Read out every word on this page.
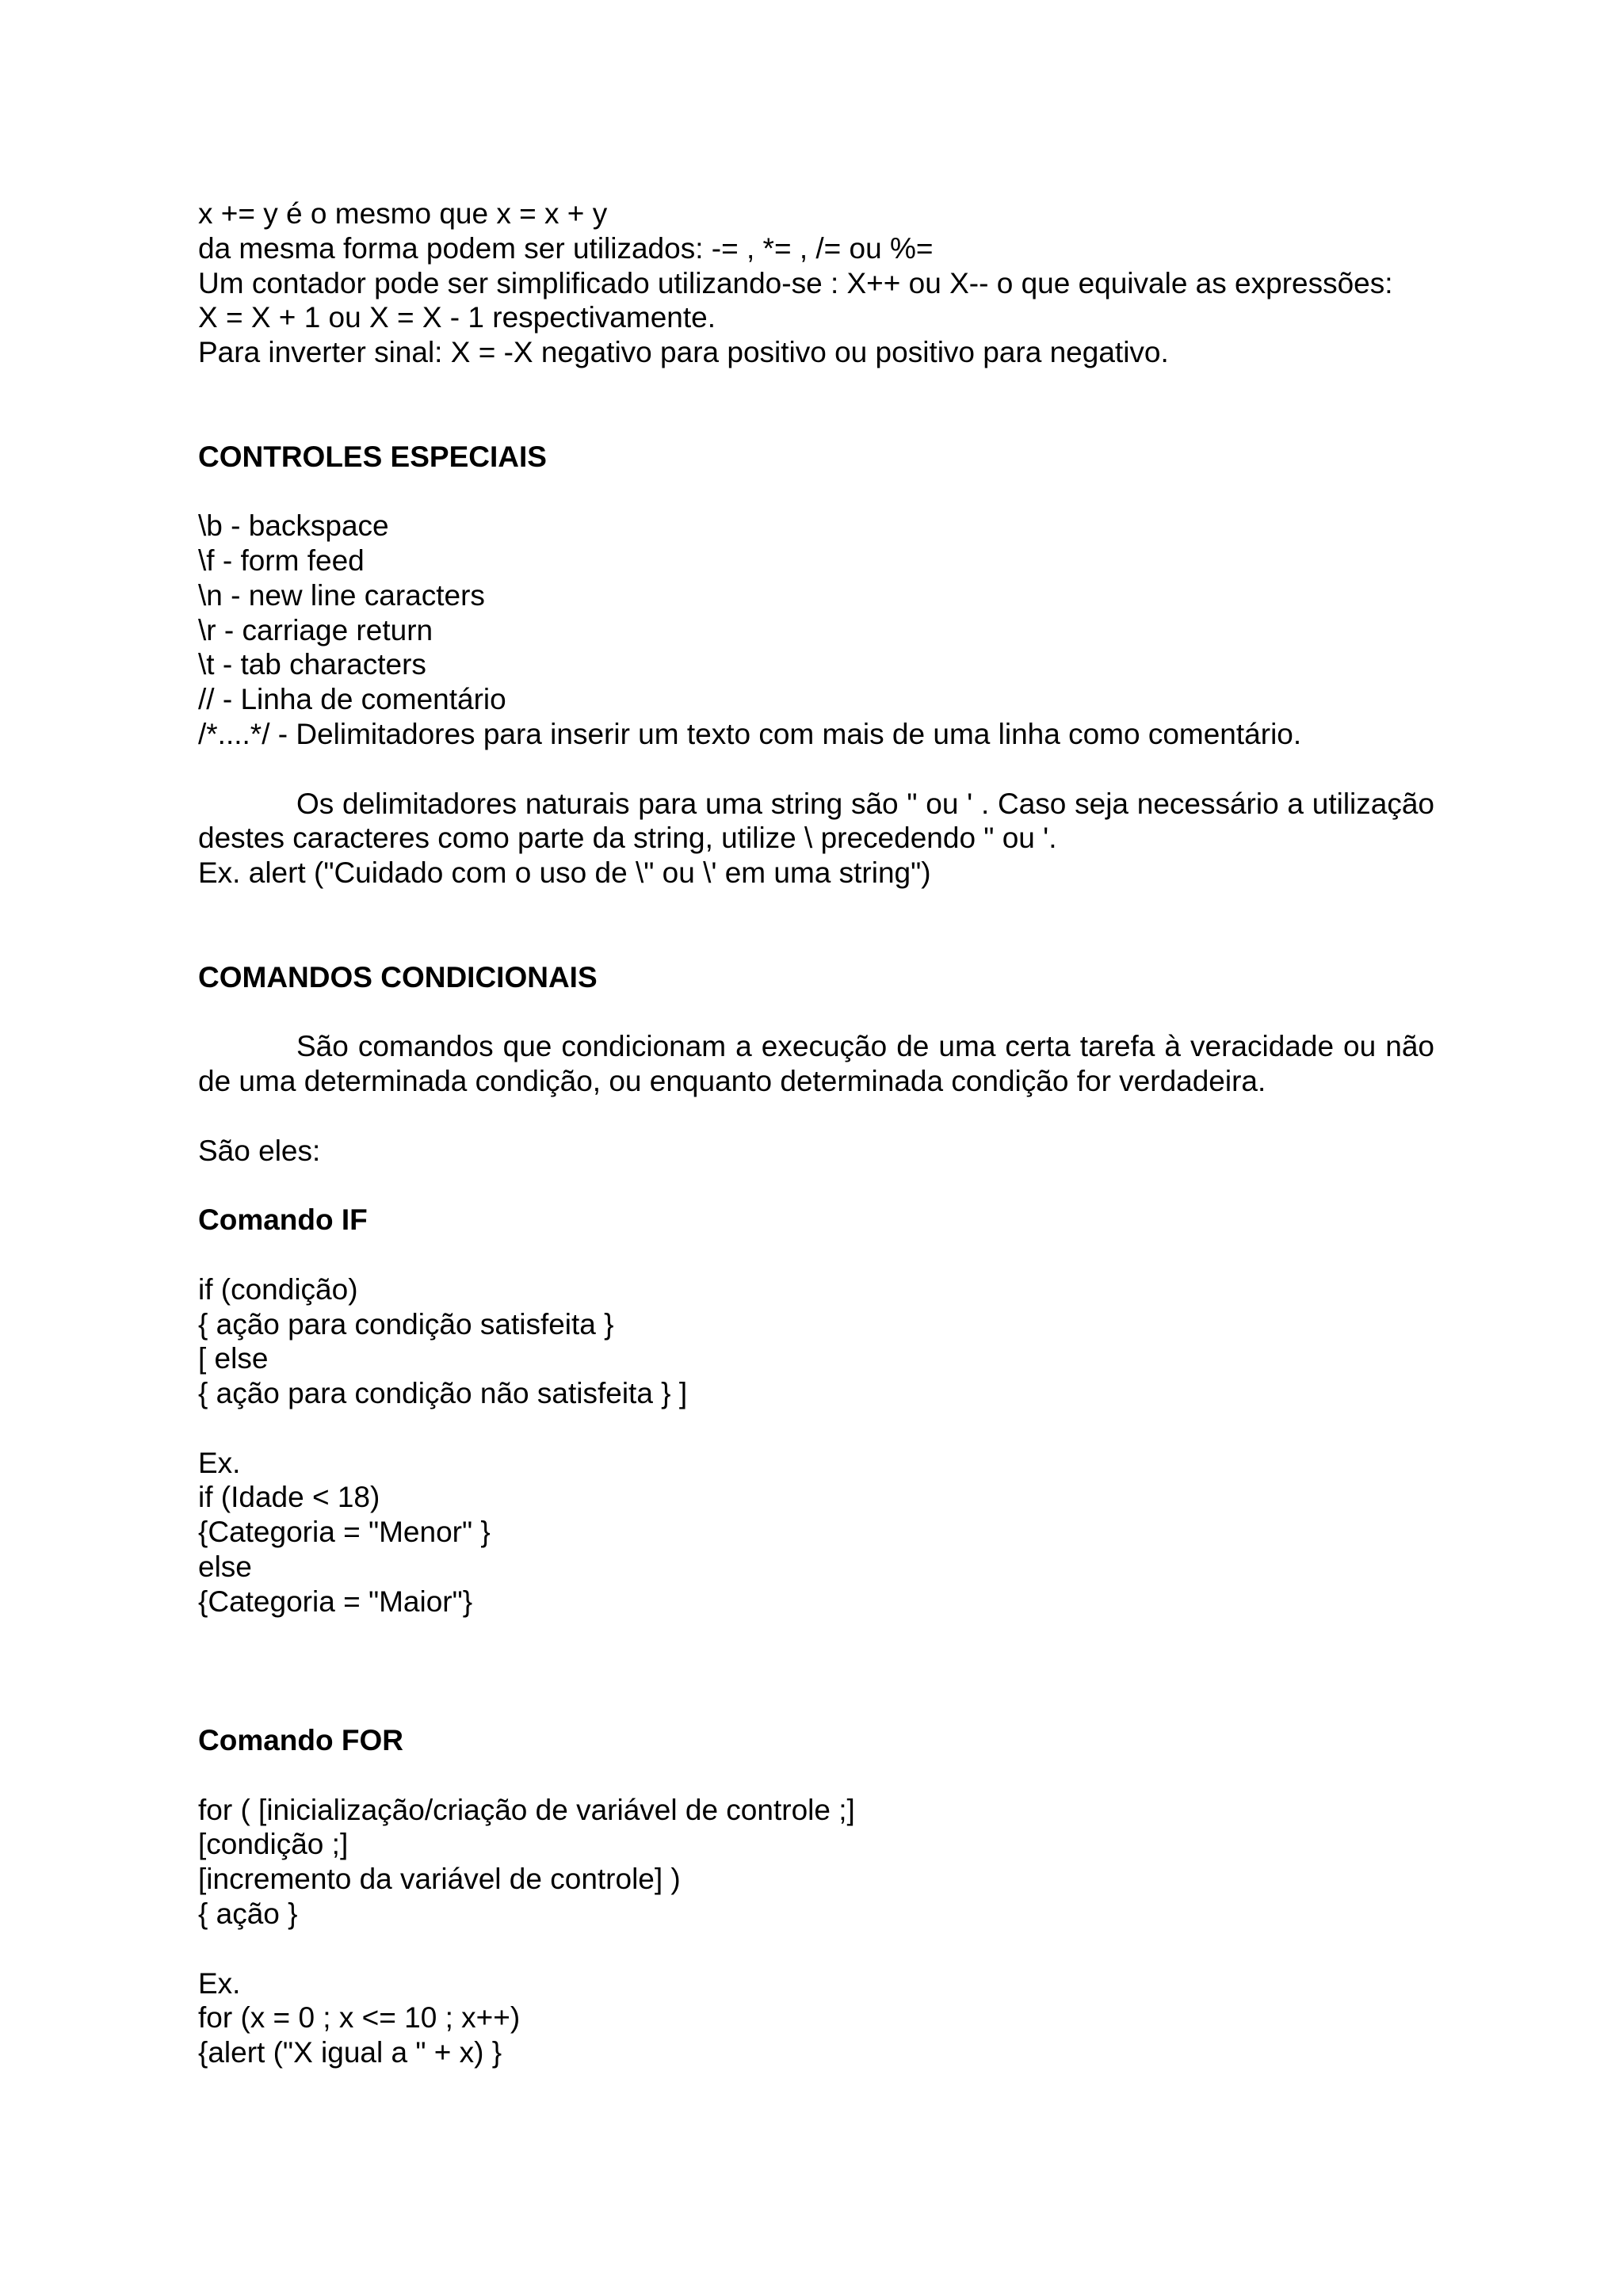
x += y é o mesmo que x = x + y
da mesma forma podem ser utilizados: -= , *= , /= ou %=
Um contador pode ser simplificado utilizando-se : X++ ou X-- o que equivale as expressões:
X = X + 1 ou X = X - 1 respectivamente.
Para inverter sinal: X = -X negativo para positivo ou positivo para negativo.
CONTROLES ESPECIAIS
\b - backspace
\f - form feed
\n - new line caracters
\r - carriage return
\t - tab characters
// - Linha de comentário
/*....*/ - Delimitadores para inserir um texto com mais de uma linha como comentário.
Os delimitadores naturais para uma string são " ou ' . Caso seja necessário a utilização destes caracteres como parte da string, utilize \ precedendo " ou '.
Ex. alert ("Cuidado com o uso de \" ou \' em uma string")
COMANDOS CONDICIONAIS
São comandos que condicionam a execução de uma certa tarefa à veracidade ou não de uma determinada condição, ou enquanto determinada condição for verdadeira.
São eles:
Comando IF
if (condição)
{ ação para condição satisfeita }
[ else
{ ação para condição não satisfeita } ]
Ex.
if (Idade < 18)
{Categoria = "Menor" }
else
{Categoria = "Maior"}
Comando FOR
for ( [inicialização/criação de variável de controle ;]
[condição ;]
[incremento da variável de controle] )
{ ação }
Ex.
for (x = 0 ; x <= 10 ; x++)
{alert ("X igual a " + x) }
